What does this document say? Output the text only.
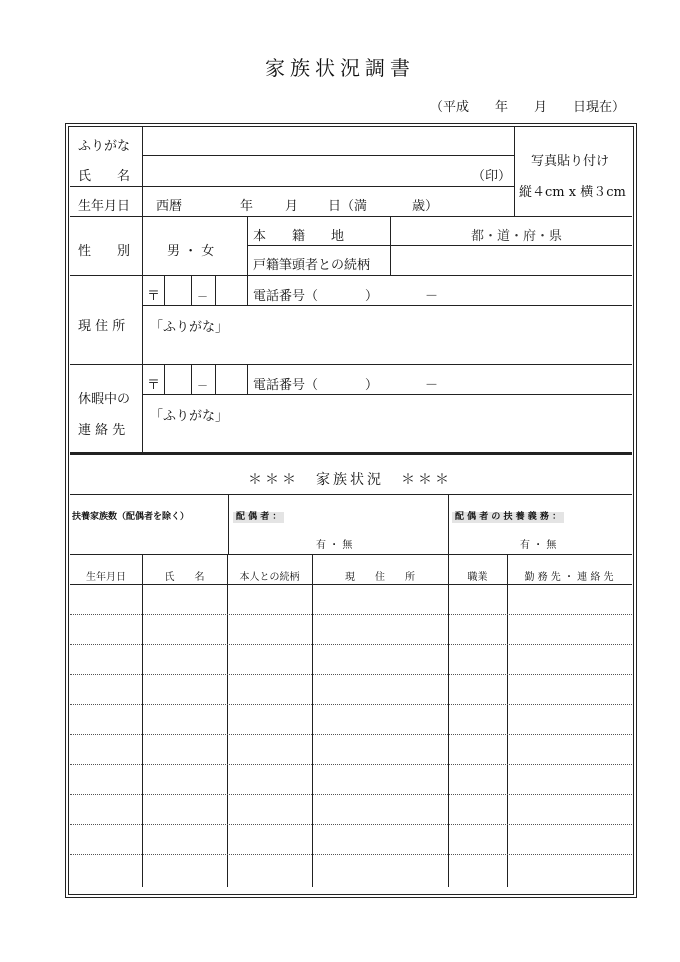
家族状況調書
（平成　　年　　月　　日現在）
ふりがな
氏　　名	（印）
生年月日 西暦	年 月 日（満	歳）
写真貼り付け
縦４cm x 横３cm
性　　別	男 ・ 女
本　　籍　　地	都・道・府・県
戸籍筆頭者との続柄
現 住 所
〒	－	電話番号（	）	－
「ふりがな」
休暇中の
連 絡 先
〒	－	電話番号（	）	－
「ふりがな」
＊＊＊　家族状況　＊＊＊
扶養家族数（配偶者を除く）	配 偶 者 ：
有 ・ 無
配 偶 者 の 扶 養 義 務 ：
有 ・ 無
生年月日	氏　　名	本人との続柄	現　　住　　所	職業	勤 務 先 ・ 連 絡 先
